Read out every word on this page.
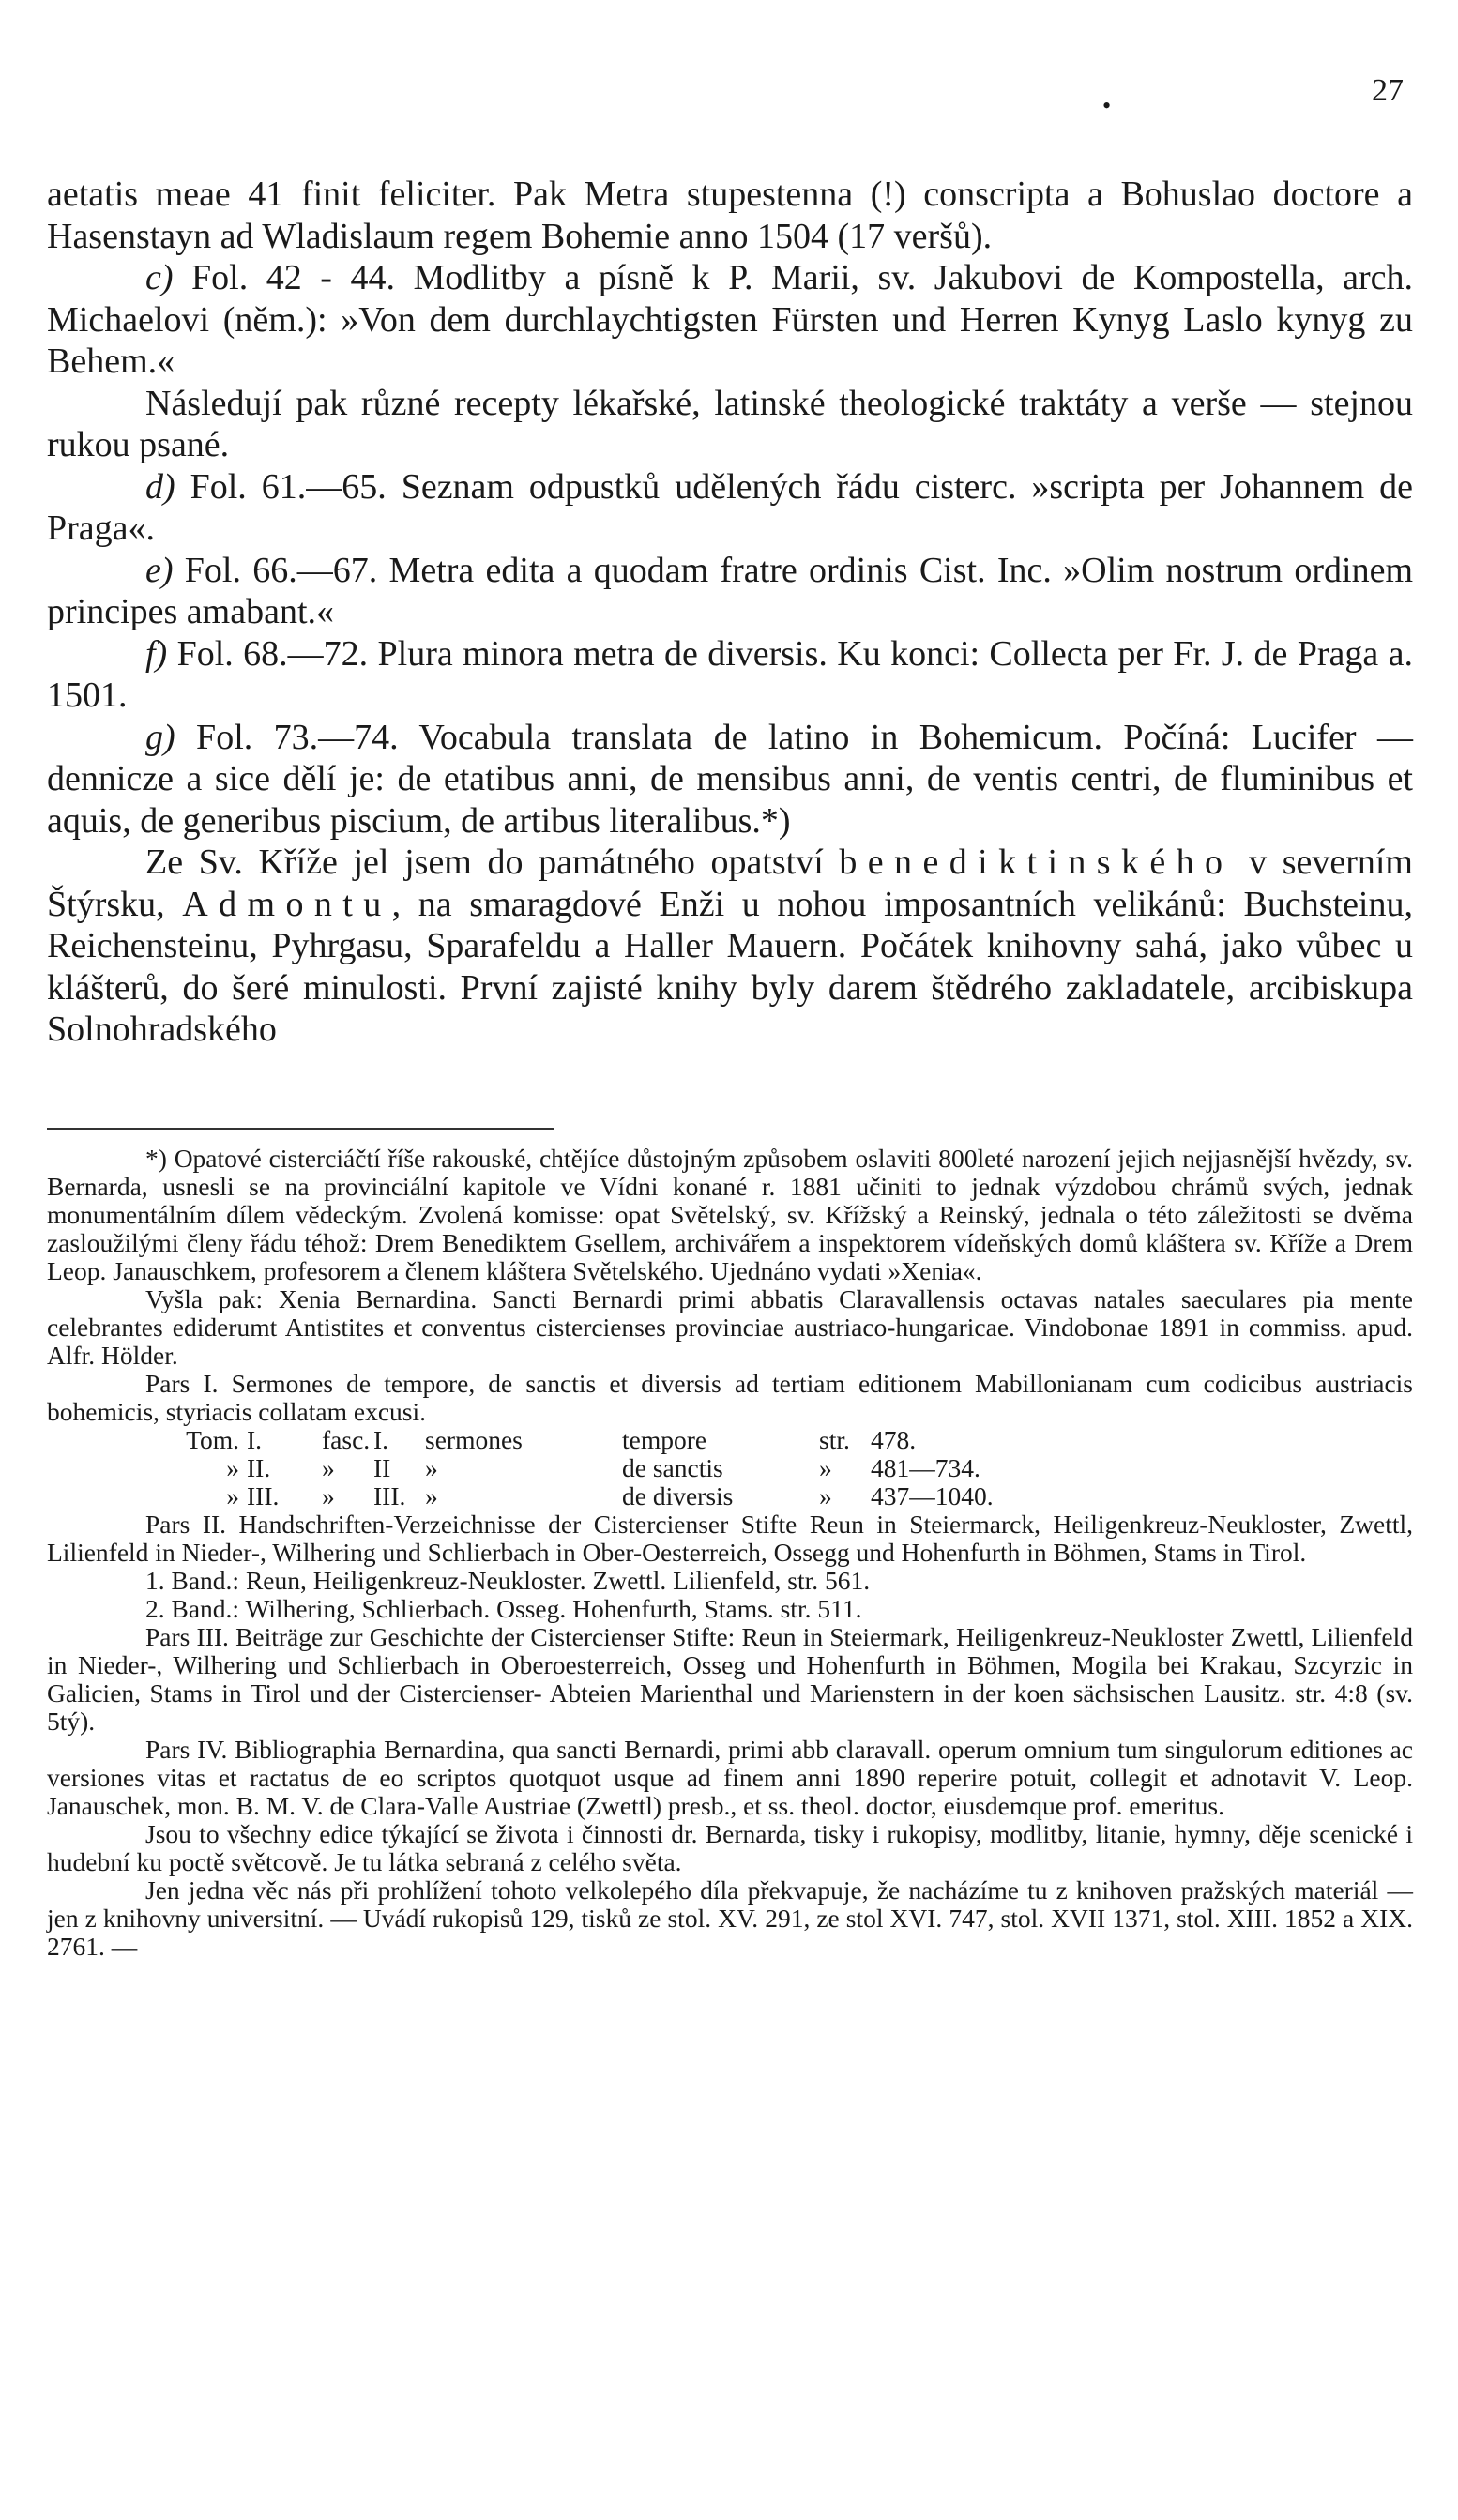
•	27

aetatis meae 41 finit feliciter. Pak Metra stupestenna (!) conscripta a Bohuslao doctore a Hasenstayn ad Wladislaum regem Bohemie anno 1504 (17 veršů).

c) Fol. 42 - 44. Modlitby a písně k P. Marii, sv. Jakubovi de Kompostella, arch. Michaelovi (něm.): »Von dem durchlaychtigsten Fürsten und Herren Kynyg Laslo kynyg zu Behem.«

Následují pak různé recepty lékařské, latinské theologické traktáty a verše — stejnou rukou psané.

d) Fol. 61.—65. Seznam odpustků udělených řádu cisterc. »scripta per Johannem de Praga«.

e) Fol. 66.—67. Metra edita a quodam fratre ordinis Cist. Inc. »Olim nostrum ordinem principes amabant.«

f) Fol. 68.—72. Plura minora metra de diversis. Ku konci: Collecta per Fr. J. de Praga a. 1501.

g) Fol. 73.—74. Vocabula translata de latino in Bohemicum. Počíná: Lucifer — dennicze a sice dělí je: de etatibus anni, de mensibus anni, de ventis centri, de fluminibus et aquis, de generibus piscium, de artibus literalibus.*)

Ze Sv. Kříže jel jsem do památného opatství benediktinského v severním Štýrsku, Admontu, na smaragdové Enži u nohou imposantních velikánů: Buchsteinu, Reichensteinu, Pyhrgasu, Sparafeldu a Haller Mauern. Počátek knihovny sahá, jako vůbec u klášterů, do šeré minulosti. První zajisté knihy byly darem štědrého zakladatele, arcibiskupa Solnohradského

*) Opatové cisterciáčtí říše rakouské, chtějíce důstojným způsobem oslaviti 800leté narození jejich nejjasnější hvězdy, sv. Bernarda, usnesli se na provinciální kapitole ve Vídni konané r. 1881 učiniti to jednak výzdobou chrámů svých, jednak monumentálním dílem vědeckým. Zvolená komisse: opat Světelský, sv. Křížský a Reinský, jednala o této záležitosti se dvěma zasloužilými členy řádu téhož: Drem Benediktem Gsellem, archivářem a inspektorem vídeňských domů kláštera sv. Kříže a Drem Leop. Janauschkem, profesorem a členem kláštera Světelského. Ujednáno vydati »Xenia«.

Vyšla pak: Xenia Bernardina. Sancti Bernardi primi abbatis Claravallensis octavas natales saeculares pia mente celebrantes ediderumt Antistites et conventus cistercienses provinciae austriaco-hungaricae. Vindobonae 1891 in commiss. apud. Alfr. Hölder.

Pars I. Sermones de tempore, de sanctis et diversis ad tertiam editionem Mabillonianam cum codicibus austriacis bohemicis, styriacis collatam excusi.

Tom. I.	fasc. I.	sermones	tempore	str. 478.
» II.	»	II	»	de sanctis	»	481—734.
» III.	»	III. »	de diversis	»	437—1040.

Pars II. Handschriften-Verzeichnisse der Cistercienser Stifte Reun in Steiermarck, Heiligenkreuz-Neukloster, Zwettl, Lilienfeld in Nieder-, Wilhering und Schlierbach in Ober-Oesterreich, Ossegg und Hohenfurth in Böhmen, Stams in Tirol.

1. Band.: Reun, Heiligenkreuz-Neukloster. Zwettl. Lilienfeld, str. 561.

2. Band.: Wilhering, Schlierbach. Osseg. Hohenfurth, Stams. str. 511.

Pars III. Beiträge zur Geschichte der Cistercienser Stifte: Reun in Steiermark, Heiligenkreuz-Neukloster Zwettl, Lilienfeld in Nieder-, Wilhering und Schlierbach in Oberoesterreich, Osseg und Hohenfurth in Böhmen, Mogila bei Krakau, Szcyrzic in Galicien, Stams in Tirol und der Cistercienser- Abteien Marienthal und Marienstern in der koen sächsischen Lausitz. str. 4:8 (sv. 5tý).

Pars IV. Bibliographia Bernardina, qua sancti Bernardi, primi abb claravall. operum omnium tum singulorum editiones ac versiones vitas et ractatus de eo scriptos quotquot usque ad finem anni 1890 reperire potuit, collegit et adnotavit V. Leop. Janauschek, mon. B. M. V. de Clara-Valle Austriae (Zwettl) presb., et ss. theol. doctor, eiusdemque prof. emeritus.

Jsou to všechny edice týkající se života i činnosti dr. Bernarda, tisky i rukopisy, modlitby, litanie, hymny, děje scenické i hudební ku poctě světcově. Je tu látka sebraná z celého světa.

Jen jedna věc nás při prohlížení tohoto velkolepého díla překvapuje, že nacházíme tu z knihoven pražských materiál — jen z knihovny universitní. — Uvádí rukopisů 129, tisků ze stol. XV. 291, ze stol XVI. 747, stol. XVII 1371, stol. XIII. 1852 a XIX. 2761. —
